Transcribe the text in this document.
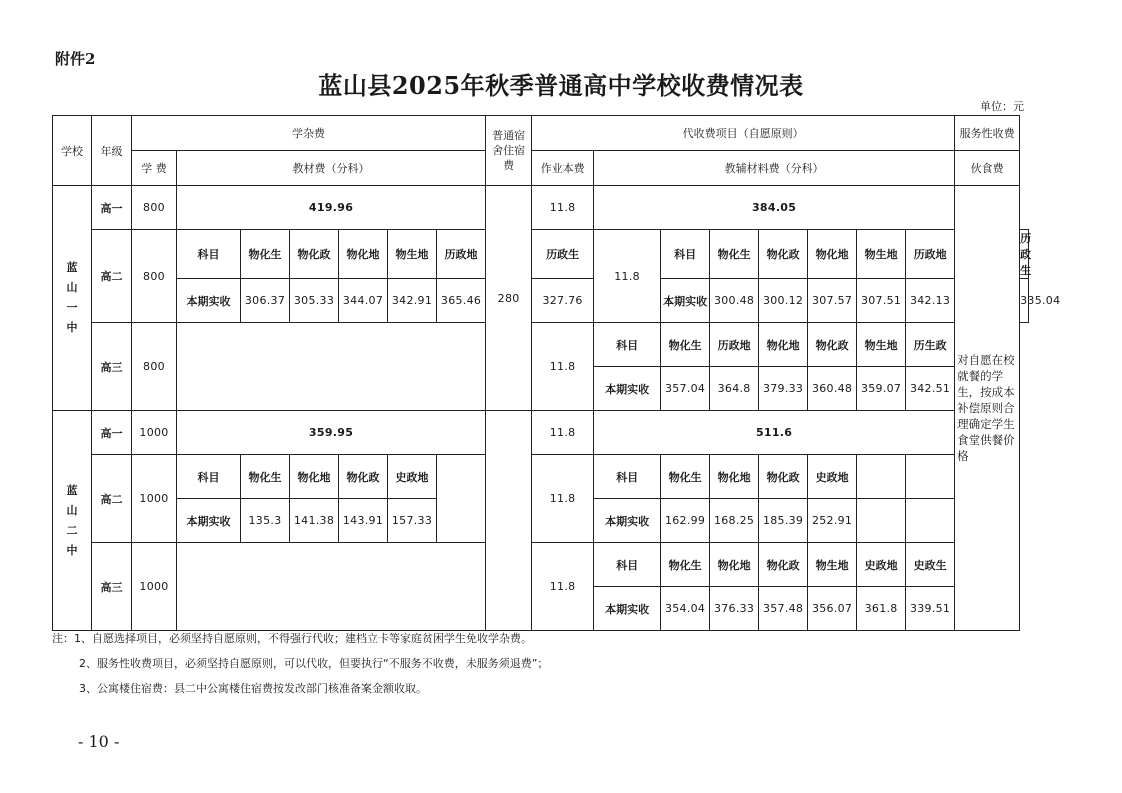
附件2
蓝山县2025年秋季普通高中学校收费情况表
单位：元
学校	年级	学杂费							普通宿舍住宿费	代收费项目（自愿原则）								服务性收费	
		学 费	教材费（分科）							作业本费	教辅材料费（分科）							伙食费	
蓝
山
一
中	高一	800	419.96						280	11.8	384.05							对自愿在校就餐的学生，按成本补偿原则合理确定学生食堂供餐价格	
	高二	800	科目	物化生	物化政	物化地	物生地	历政地		历政生	11.8	科目	物化生	物化政	物化地	物生地	历政地		历政生
			本期实收	306.37	305.33	344.07	342.91	365.46		327.76		本期实收	300.48	300.12	307.57	307.51	342.13		335.04
	高三	800								11.8	科目	物化生	历政地	物化地	物化政	物生地	历生政		
											本期实收	357.04	364.8	379.33	360.48	359.07	342.51		
蓝
山
二
中	高一	1000	359.95							11.8	511.6								
	高二	1000	科目	物化生	物化地	物化政	史政地			11.8	科目	物化生	物化地	物化政	史政地				
			本期实收	135.3	141.38	143.91	157.33				本期实收	162.99	168.25	185.39	252.91				
	高三	1000								11.8	科目	物化生	物化地	物化政	物生地	史政地	史政生		
											本期实收	354.04	376.33	357.48	356.07	361.8	339.51		
注：1、自愿选择项目，必须坚持自愿原则，不得强行代收；建档立卡等家庭贫困学生免收学杂费。
2、服务性收费项目，必须坚持自愿原则，可以代收，但要执行“不服务不收费，未服务须退费”；
3、公寓楼住宿费：县二中公寓楼住宿费按发改部门核准备案金额收取。
- 10 -
